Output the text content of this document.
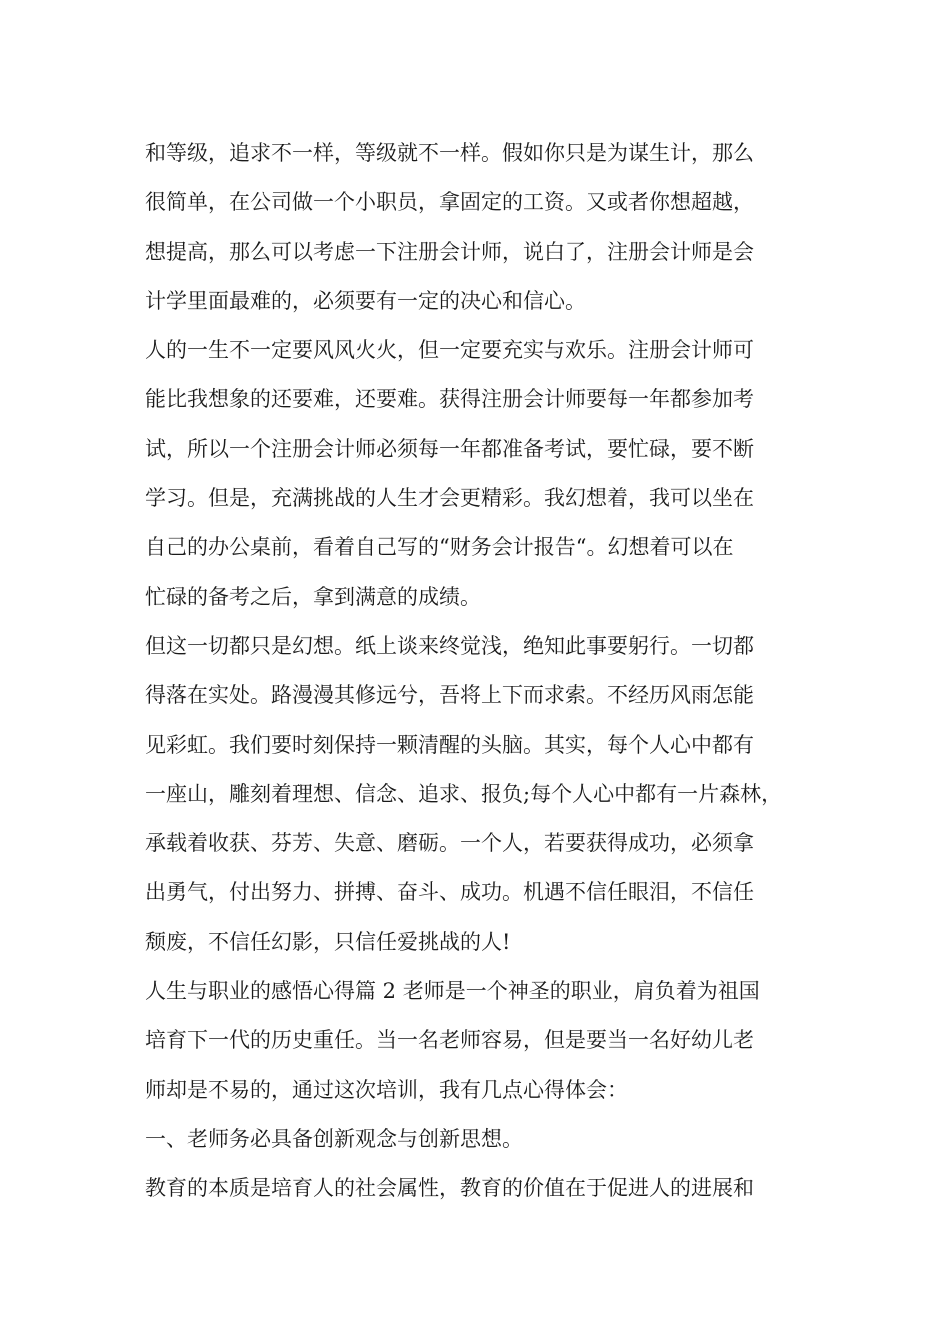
和等级，追求不一样，等级就不一样。假如你只是为谋生计，那么
很简单，在公司做一个小职员，拿固定的工资。又或者你想超越，
想提高，那么可以考虑一下注册会计师，说白了，注册会计师是会
计学里面最难的，必须要有一定的决心和信心。
人的一生不一定要风风火火，但一定要充实与欢乐。注册会计师可
能比我想象的还要难，还要难。获得注册会计师要每一年都参加考
试，所以一个注册会计师必须每一年都准备考试，要忙碌，要不断
学习。但是，充满挑战的人生才会更精彩。我幻想着，我可以坐在
自己的办公桌前，看着自己写的“财务会计报告“。幻想着可以在
忙碌的备考之后，拿到满意的成绩。
但这一切都只是幻想。纸上谈来终觉浅，绝知此事要躬行。一切都
得落在实处。路漫漫其修远兮，吾将上下而求索。不经历风雨怎能
见彩虹。我们要时刻保持一颗清醒的头脑。其实，每个人心中都有
一座山，雕刻着理想、信念、追求、报负;每个人心中都有一片森林，
承载着收获、芬芳、失意、磨砺。一个人，若要获得成功，必须拿
出勇气，付出努力、拼搏、奋斗、成功。机遇不信任眼泪，不信任
颓废，不信任幻影，只信任爱挑战的人!
人生与职业的感悟心得篇 2 老师是一个神圣的职业，肩负着为祖国
培育下一代的历史重任。当一名老师容易，但是要当一名好幼儿老
师却是不易的，通过这次培训，我有几点心得体会：
一、老师务必具备创新观念与创新思想。
教育的本质是培育人的社会属性，教育的价值在于促进人的进展和
